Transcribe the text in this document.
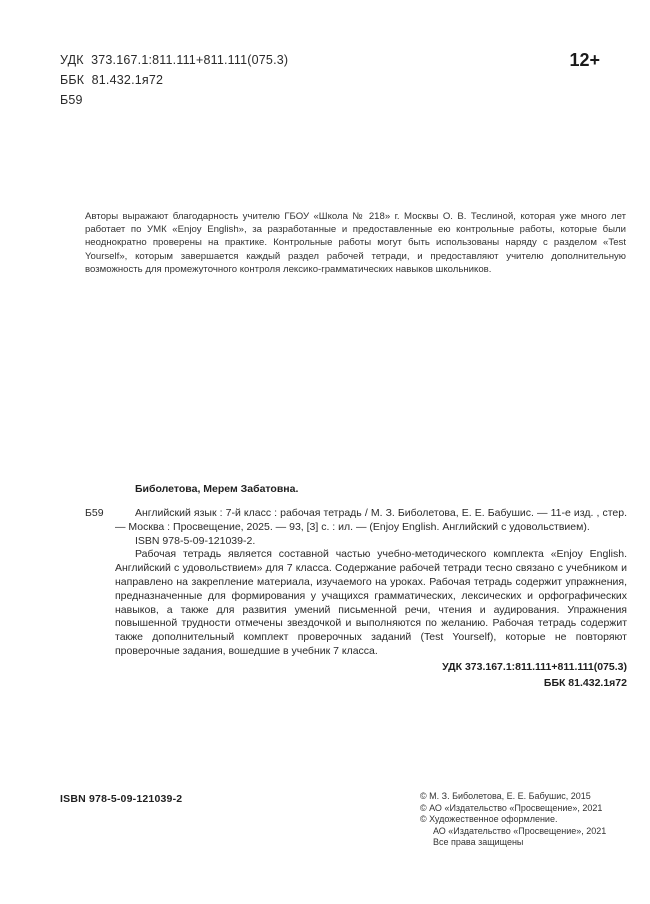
УДК  373.167.1:811.111+811.111(075.3)
ББК  81.432.1я72
Б59
12+
Авторы выражают благодарность учителю ГБОУ «Школа № 218» г. Москвы О. В. Теслиной, которая уже много лет работает по УМК «Enjoy English», за разработанные и предоставленные ею контрольные работы, которые были неоднократно проверены на практике. Контрольные работы могут быть использованы наряду с разделом «Test Yourself», которым завершается каждый раздел рабочей тетради, и предоставляют учителю дополнительную возможность для промежуточного контроля лексико-грамматических навыков школьников.
Биболетова, Мерем Забатовна.
Б59	Английский язык : 7-й класс : рабочая тетрадь / М. З. Биболетова, Е. Е. Бабушис. — 11-е изд. , стер. — Москва : Просвещение, 2025. — 93, [3] с. : ил. — (Enjoy English. Английский с удовольствием).

ISBN 978-5-09-121039-2.

Рабочая тетрадь является составной частью учебно-методического комплекта «Enjoy English. Английский с удовольствием» для 7 класса. Содержание рабочей тетради тесно связано с учебником и направлено на закрепление материала, изучаемого на уроках. Рабочая тетрадь содержит упражнения, предназначенные для формирования у учащихся грамматических, лексических и орфографических навыков, а также для развития умений письменной речи, чтения и аудирования. Упражнения повышенной трудности отмечены звездочкой и выполняются по желанию. Рабочая тетрадь содержит также дополнительный комплект проверочных заданий (Test Yourself), которые не повторяют проверочные задания, вошедшие в учебник 7 класса.

УДК 373.167.1:811.111+811.111(075.3)

ББК 81.432.1я72

ISBN 978-5-09-121039-2	© М. З. Биболетова, Е. Е. Бабушис, 2015
© АО «Издательство «Просвещение», 2021
© Художественное оформление.
АО «Издательство «Просвещение», 2021
Все права защищены
